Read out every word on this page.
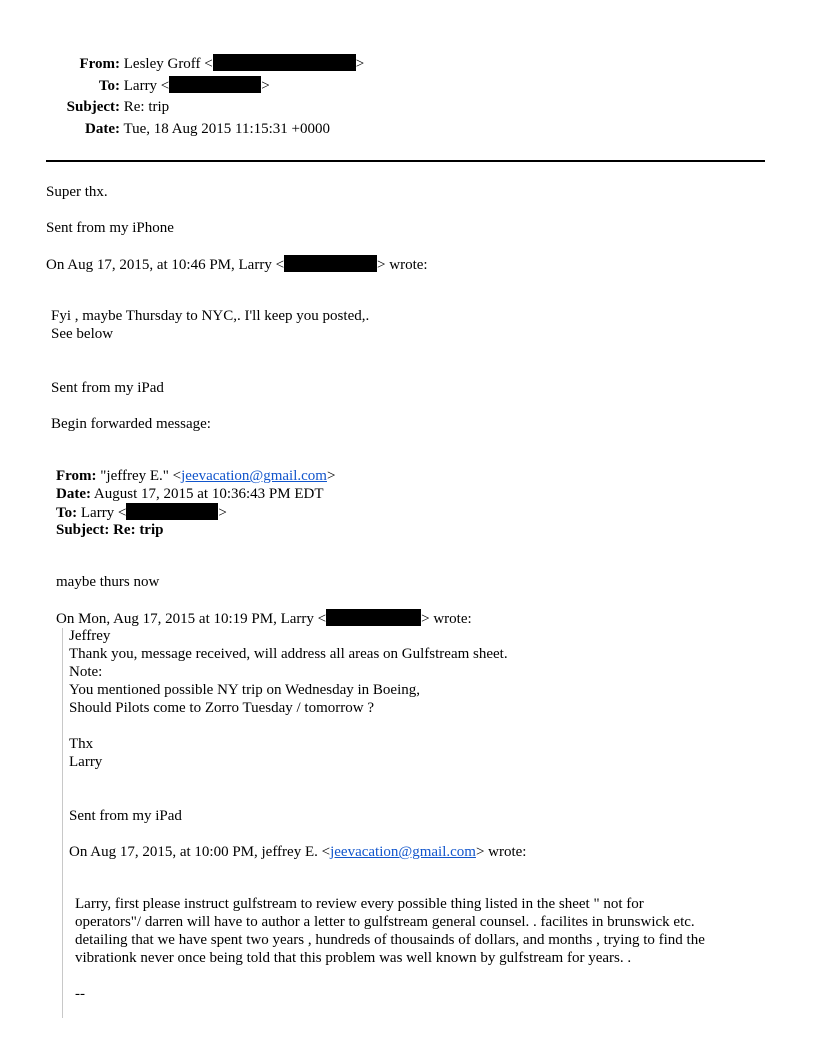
From: Lesley Groff <	>
To: Larry <	>
Subject: Re: trip
Date: Tue, 18 Aug 2015 11:15:31 +0000
Super thx.
Sent from my iPhone
On Aug 17, 2015, at 10:46 PM, Larry <	> wrote:
Fyi , maybe Thursday to NYC,. I'll keep you posted,.
See below
Sent from my iPad
Begin forwarded message:
From: "jeffrey E." <jeevacation@gmail.com>
Date: August 17, 2015 at 10:36:43 PM EDT
To: Larry <	>
Subject: Re: trip
maybe thurs now
On Mon, Aug 17, 2015 at 10:19 PM, Larry <	> wrote:
Jeffrey
Thank you, message received, will address all areas on Gulfstream sheet.
Note:
You mentioned possible NY trip on Wednesday in Boeing,
Should Pilots come to Zorro Tuesday / tomorrow ?
Thx
Larry
Sent from my iPad
On Aug 17, 2015, at 10:00 PM, jeffrey E. <jeevacation@gmail.com> wrote:
Larry, first please instruct gulfstream to review every possible thing listed in the sheet " not for
operators"/ darren will have to author a letter to gulfstream general counsel. . facilites in brunswick etc.
detailing that we have spent two years , hundreds of thousainds of dollars, and months , trying to find the
vibrationk never once being told that this problem was well known by gulfstream for years. .
--
